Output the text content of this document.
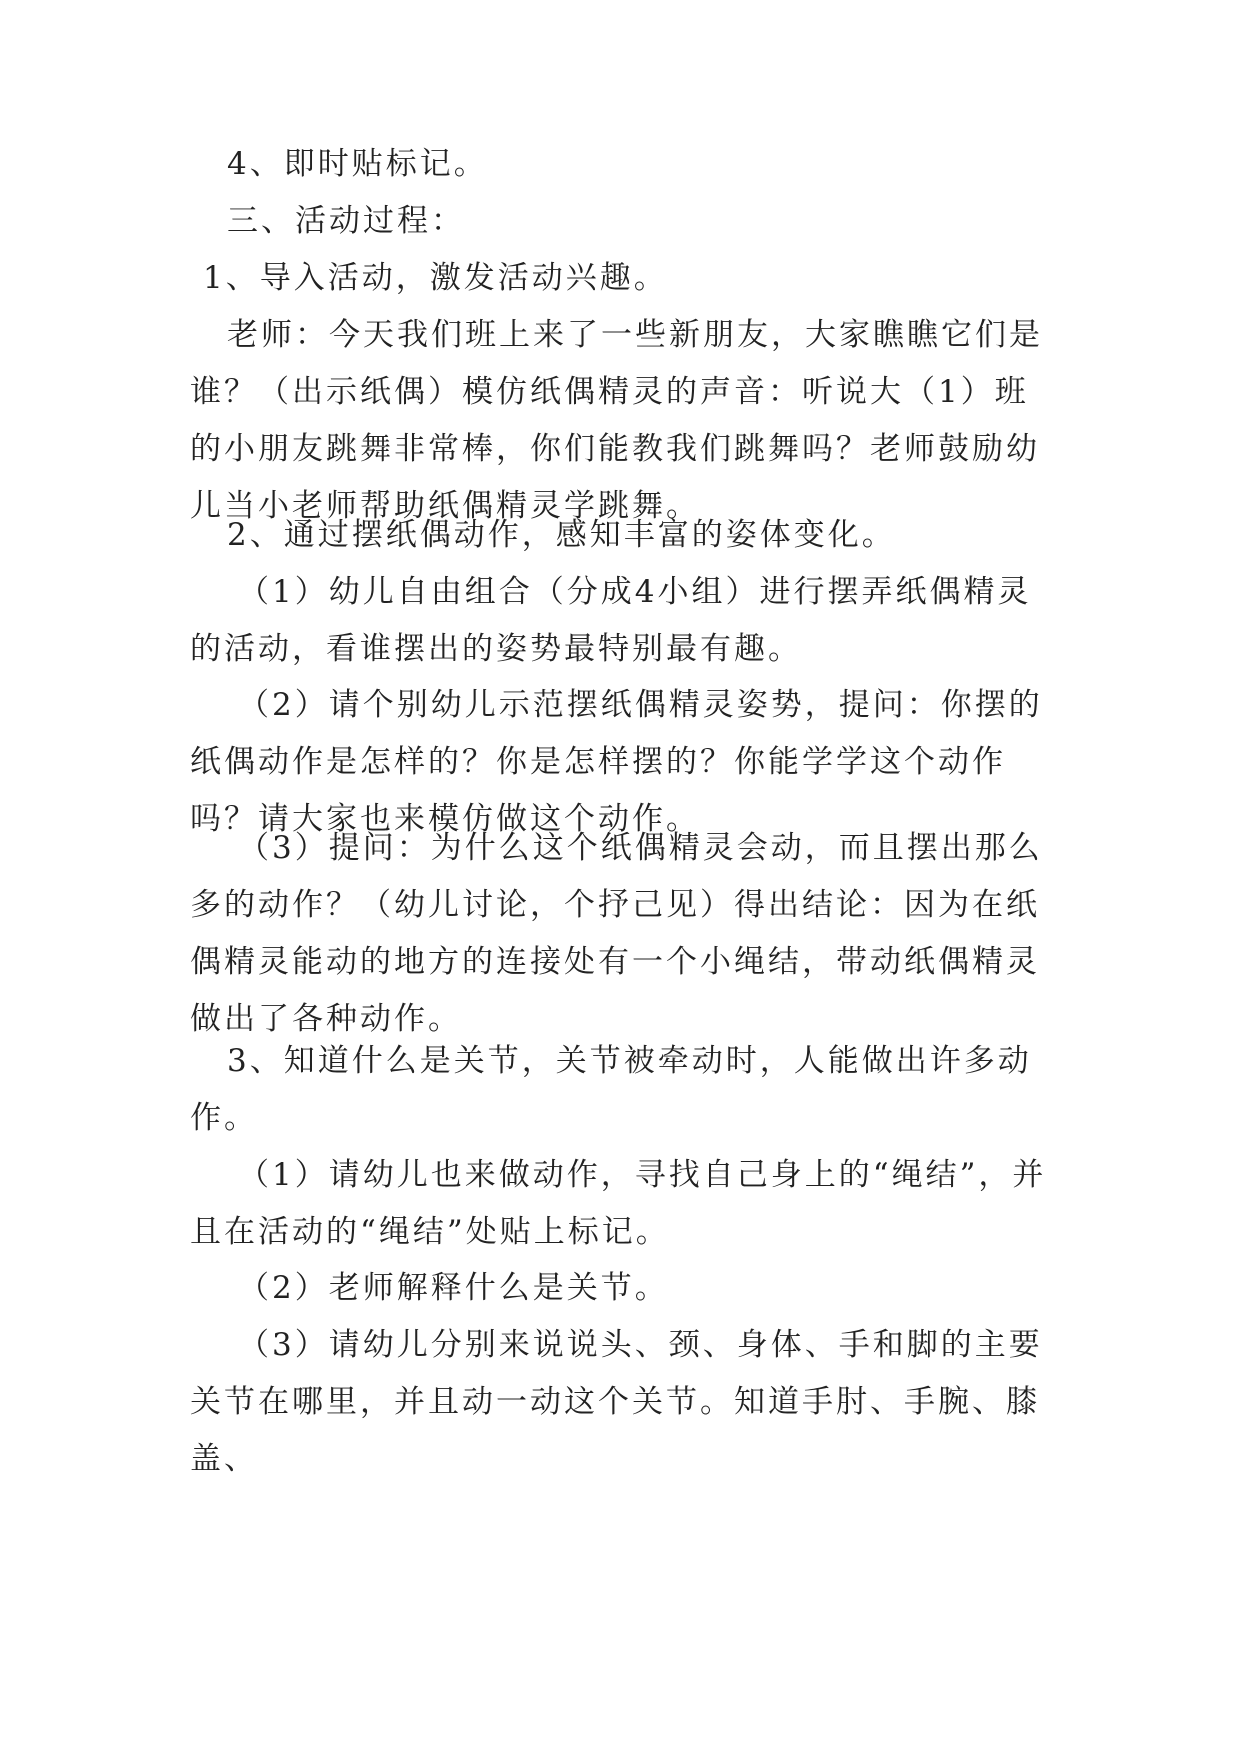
4、即时贴标记。

三、活动过程：

1、导入活动，激发活动兴趣。

老师：今天我们班上来了一些新朋友，大家瞧瞧它们是谁？（出示纸偶）模仿纸偶精灵的声音：听说大（1）班的小朋友跳舞非常棒，你们能教我们跳舞吗？老师鼓励幼儿当小老师帮助纸偶精灵学跳舞。

2、通过摆纸偶动作，感知丰富的姿体变化。

（1）幼儿自由组合（分成4小组）进行摆弄纸偶精灵的活动，看谁摆出的姿势最特别最有趣。

（2）请个别幼儿示范摆纸偶精灵姿势，提问：你摆的纸偶动作是怎样的？你是怎样摆的？你能学学这个动作吗？请大家也来模仿做这个动作。

（3）提问：为什么这个纸偶精灵会动，而且摆出那么多的动作？（幼儿讨论，个抒己见）得出结论：因为在纸偶精灵能动的地方的连接处有一个小绳结，带动纸偶精灵做出了各种动作。

3、知道什么是关节，关节被牵动时，人能做出许多动作。

（1）请幼儿也来做动作，寻找自己身上的“绳结”，并且在活动的“绳结”处贴上标记。

（2）老师解释什么是关节。

（3）请幼儿分别来说说头、颈、身体、手和脚的主要关节在哪里，并且动一动这个关节。知道手肘、手腕、膝盖、
